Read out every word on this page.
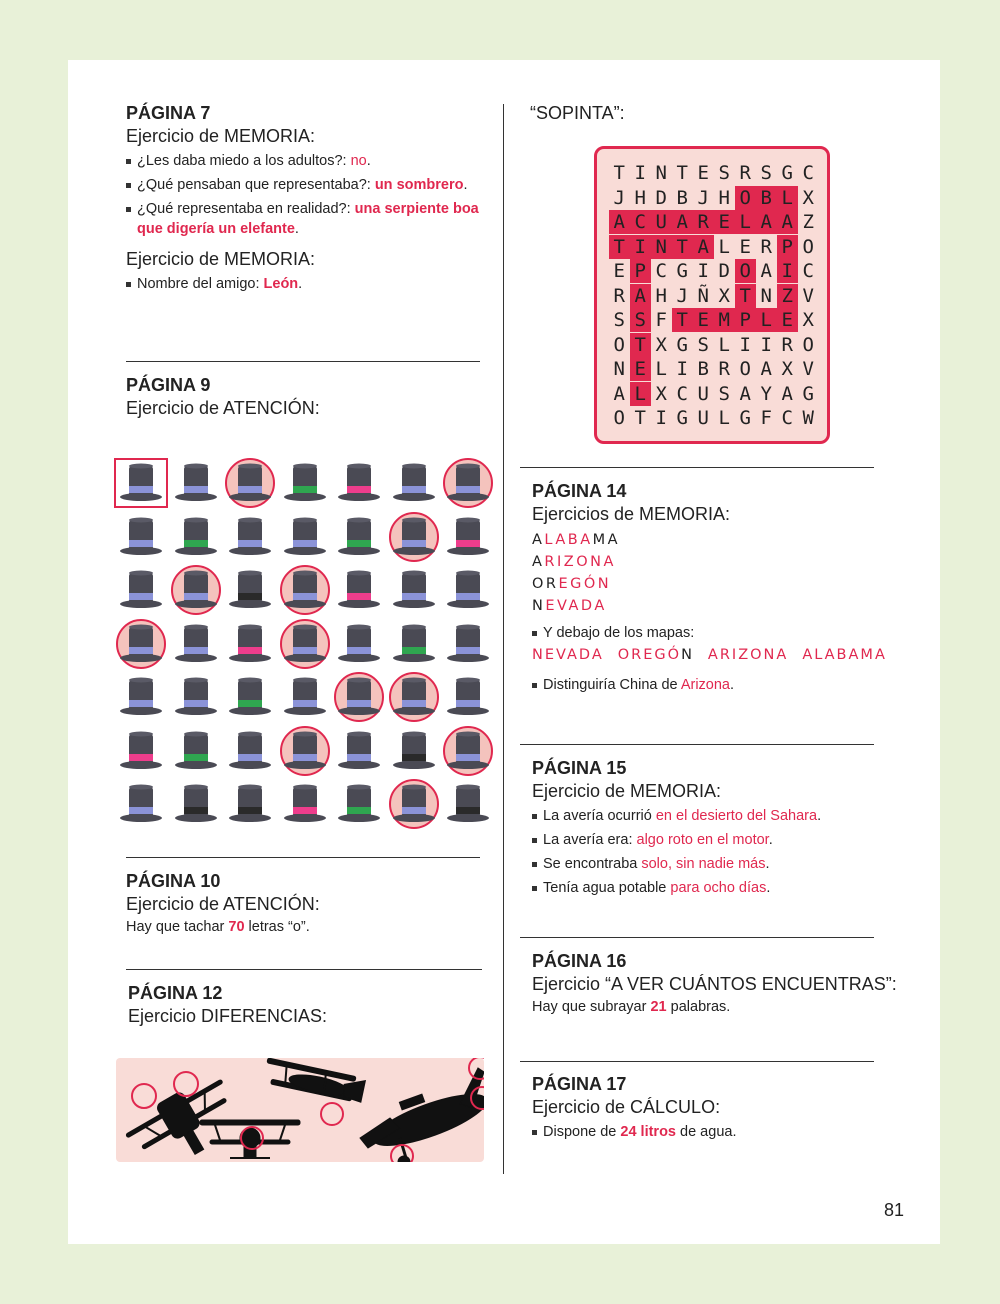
PÁGINA 7
Ejercicio de MEMORIA:
¿Les daba miedo a los adultos?: no.
¿Qué pensaban que representaba?: un sombrero.
¿Qué representaba en realidad?: una serpiente boa que digería un elefante.
Ejercicio de MEMORIA:
Nombre del amigo: León.
PÁGINA 9
Ejercicio de ATENCIÓN:
PÁGINA 10
Ejercicio de ATENCIÓN:
Hay que tachar 70 letras “o”.
PÁGINA 12
Ejercicio DIFERENCIAS:
“SOPINTA”:
T I N T E S R S G C
J H D B J H O B L X
A C U A R E L A A Z
T I N T A L E R P O
E P C G I D O A I C
R A H J Ñ X T N Z V
S S F T E M P L E X
O T X G S L I I R O
N E L I B R O A X V
A L X C U S A Y A G
O T I G U L G F C W
PÁGINA 14
Ejercicios de MEMORIA:
ALABAMA
ARIZONA
OREGÓN
NEVADA
Y debajo de los mapas:
NEVADA OREGÓN ARIZONA ALABAMA
Distinguiría China de Arizona.
PÁGINA 15
Ejercicio de MEMORIA:
La avería ocurrió en el desierto del Sahara.
La avería era: algo roto en el motor.
Se encontraba solo, sin nadie más.
Tenía agua potable para ocho días.
PÁGINA 16
Ejercicio “A VER CUÁNTOS ENCUENTRAS”:
Hay que subrayar 21 palabras.
PÁGINA 17
Ejercicio de CÁLCULO:
Dispone de 24 litros de agua.
81
